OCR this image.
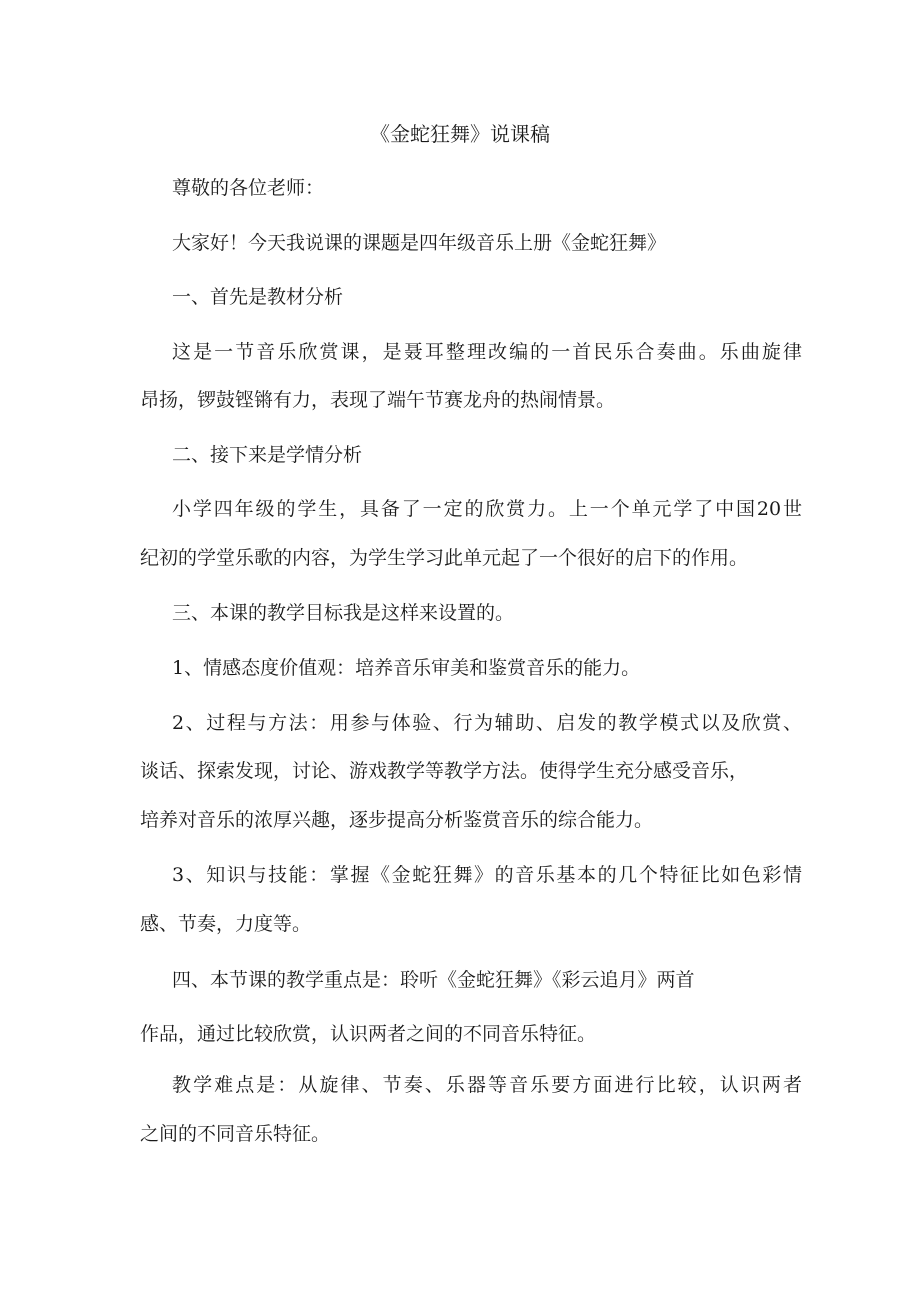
《金蛇狂舞》说课稿

尊敬的各位老师：

大家好！今天我说课的课题是四年级音乐上册《金蛇狂舞》

一、首先是教材分析

这是一节音乐欣赏课，是聂耳整理改编的一首民乐合奏曲。乐曲旋律

昂扬，锣鼓铿锵有力，表现了端午节赛龙舟的热闹情景。

二、接下来是学情分析

小学四年级的学生，具备了一定的欣赏力。上一个单元学了中国20世

纪初的学堂乐歌的内容，为学生学习此单元起了一个很好的启下的作用。

三、本课的教学目标我是这样来设置的。

1、情感态度价值观：培养音乐审美和鉴赏音乐的能力。

2、过程与方法：用参与体验、行为辅助、启发的教学模式以及欣赏、

谈话、探索发现，讨论、游戏教学等教学方法。使得学生充分感受音乐，

培养对音乐的浓厚兴趣，逐步提高分析鉴赏音乐的综合能力。

3、知识与技能：掌握《金蛇狂舞》的音乐基本的几个特征比如色彩情

感、节奏，力度等。

四、本节课的教学重点是：聆听《金蛇狂舞》《彩云追月》两首

作品，通过比较欣赏，认识两者之间的不同音乐特征。

教学难点是：从旋律、节奏、乐器等音乐要方面进行比较，认识两者

之间的不同音乐特征。
